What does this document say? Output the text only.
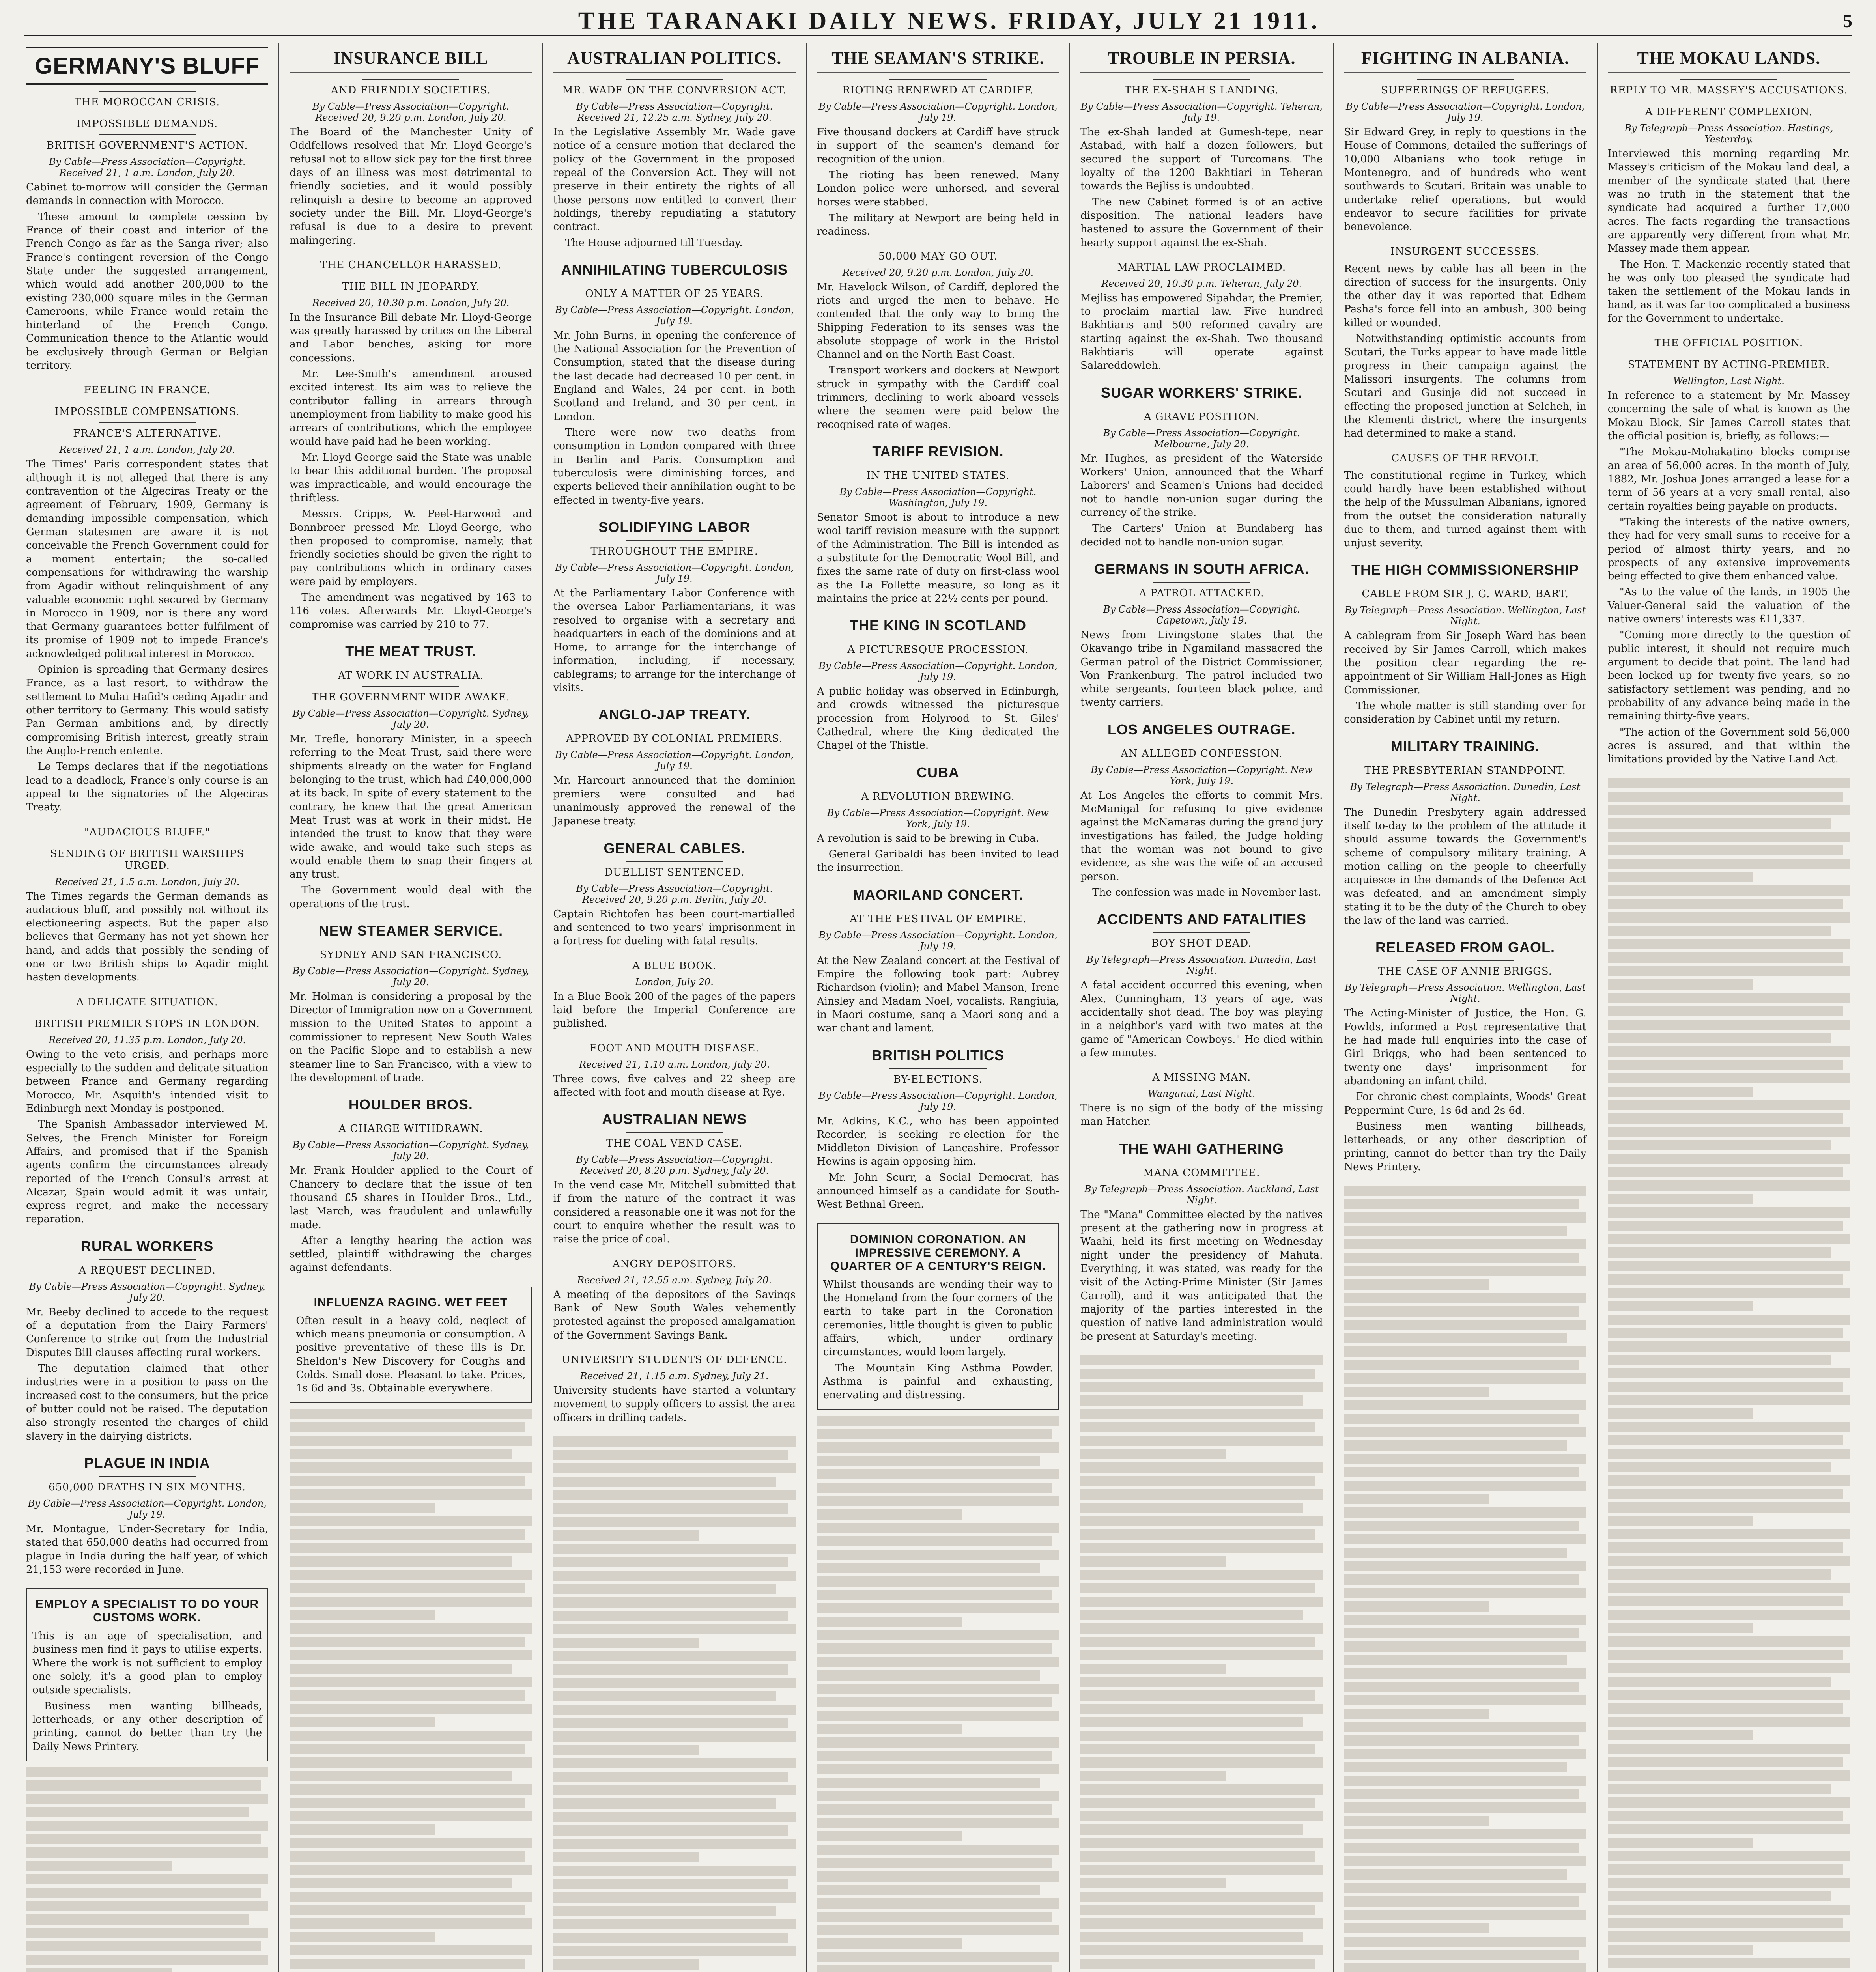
THE TARANAKI DAILY NEWS. FRIDAY, JULY 21 1911.	5
GERMANY'S BLUFF
THE MOROCCAN CRISIS.
IMPOSSIBLE DEMANDS.
BRITISH GOVERNMENT'S ACTION.
By Cable—Press Association—Copyright. Received 21, 1 a.m. London, July 20.

Cabinet to-morrow will consider the German demands in connection with Morocco.

These amount to complete cession by France of their coast and interior of the French Congo as far as the Sanga river; also France's contingent reversion of the Congo State under the suggested arrangement, which would add another 200,000 to the existing 230,000 square miles in the German Cameroons, while France would retain the hinterland of the French Congo. Communication thence to the Atlantic would be exclusively through German or Belgian territory.

FEELING IN FRANCE.
IMPOSSIBLE COMPENSATIONS.
FRANCE'S ALTERNATIVE.
Received 21, 1 a.m. London, July 20.

The Times' Paris correspondent states that although it is not alleged that there is any contravention of the Algeciras Treaty or the agreement of February, 1909, Germany is demanding impossible compensation, which German statesmen are aware it is not conceivable the French Government could for a moment entertain; the so-called compensations for withdrawing the warship from Agadir without relinquishment of any valuable economic right secured by Germany in Morocco in 1909, nor is there any word that Germany guarantees better fulfilment of its promise of 1909 not to impede France's acknowledged political interest in Morocco.

Opinion is spreading that Germany desires France, as a last resort, to withdraw the settlement to Mulai Hafid's ceding Agadir and other territory to Germany. This would satisfy Pan German ambitions and, by directly compromising British interest, greatly strain the Anglo-French entente.

Le Temps declares that if the negotiations lead to a deadlock, France's only course is an appeal to the signatories of the Algeciras Treaty.

"AUDACIOUS BLUFF."
SENDING OF BRITISH WARSHIPS URGED.
Received 21, 1.5 a.m. London, July 20.

The Times regards the German demands as audacious bluff, and possibly not without its electioneering aspects. But the paper also believes that Germany has not yet shown her hand, and adds that possibly the sending of one or two British ships to Agadir might hasten developments.

A DELICATE SITUATION.
BRITISH PREMIER STOPS IN LONDON.
Received 20, 11.35 p.m. London, July 20.

Owing to the veto crisis, and perhaps more especially to the sudden and delicate situation between France and Germany regarding Morocco, Mr. Asquith's intended visit to Edinburgh next Monday is postponed.

The Spanish Ambassador interviewed M. Selves, the French Minister for Foreign Affairs, and promised that if the Spanish agents confirm the circumstances already reported of the French Consul's arrest at Alcazar, Spain would admit it was unfair, express regret, and make the necessary reparation.

RURAL WORKERS
A REQUEST DECLINED.
By Cable—Press Association—Copyright. Sydney, July 20.

Mr. Beeby declined to accede to the request of a deputation from the Dairy Farmers' Conference to strike out from the Industrial Disputes Bill clauses affecting rural workers.

The deputation claimed that other industries were in a position to pass on the increased cost to the consumers, but the price of butter could not be raised. The deputation also strongly resented the charges of child slavery in the dairying districts.

PLAGUE IN INDIA
650,000 DEATHS IN SIX MONTHS.
By Cable—Press Association—Copyright. London, July 19.

Mr. Montague, Under-Secretary for India, stated that 650,000 deaths had occurred from plague in India during the half year, of which 21,153 were recorded in June.

EMPLOY A SPECIALIST TO DO YOUR CUSTOMS WORK.

This is an age of specialisation, and business men find it pays to utilise experts. Where the work is not sufficient to employ one solely, it's a good plan to employ outside specialists.

Business men wanting billheads, letterheads, or any other description of printing, cannot do better than try the Daily News Printery.

INSURANCE BILL
AND FRIENDLY SOCIETIES.
By Cable—Press Association—Copyright. Received 20, 9.20 p.m. London, July 20.

The Board of the Manchester Unity of Oddfellows resolved that Mr. Lloyd-George's refusal not to allow sick pay for the first three days of an illness was most detrimental to friendly societies, and it would possibly relinquish a desire to become an approved society under the Bill. Mr. Lloyd-George's refusal is due to a desire to prevent malingering.

THE CHANCELLOR HARASSED.
THE BILL IN JEOPARDY.
Received 20, 10.30 p.m. London, July 20.

In the Insurance Bill debate Mr. Lloyd-George was greatly harassed by critics on the Liberal and Labor benches, asking for more concessions.

Mr. Lee-Smith's amendment aroused excited interest. Its aim was to relieve the contributor falling in arrears through unemployment from liability to make good his arrears of contributions, which the employee would have paid had he been working.

Mr. Lloyd-George said the State was unable to bear this additional burden. The proposal was impracticable, and would encourage the thriftless.

Messrs. Cripps, W. Peel-Harwood and Bonnbroer pressed Mr. Lloyd-George, who then proposed to compromise, namely, that friendly societies should be given the right to pay contributions which in ordinary cases were paid by employers.

The amendment was negatived by 163 to 116 votes. Afterwards Mr. Lloyd-George's compromise was carried by 210 to 77.

THE MEAT TRUST.
AT WORK IN AUSTRALIA.
THE GOVERNMENT WIDE AWAKE.
By Cable—Press Association—Copyright. Sydney, July 20.

Mr. Trefle, honorary Minister, in a speech referring to the Meat Trust, said there were shipments already on the water for England belonging to the trust, which had £40,000,000 at its back. In spite of every statement to the contrary, he knew that the great American Meat Trust was at work in their midst. He intended the trust to know that they were wide awake, and would take such steps as would enable them to snap their fingers at any trust.

The Government would deal with the operations of the trust.

NEW STEAMER SERVICE.
SYDNEY AND SAN FRANCISCO.
By Cable—Press Association—Copyright. Sydney, July 20.

Mr. Holman is considering a proposal by the Director of Immigration now on a Government mission to the United States to appoint a commissioner to represent New South Wales on the Pacific Slope and to establish a new steamer line to San Francisco, with a view to the development of trade.

HOULDER BROS.
A CHARGE WITHDRAWN.
By Cable—Press Association—Copyright. Sydney, July 20.

Mr. Frank Houlder applied to the Court of Chancery to declare that the issue of ten thousand £5 shares in Houlder Bros., Ltd., last March, was fraudulent and unlawfully made.

After a lengthy hearing the action was settled, plaintiff withdrawing the charges against defendants.

INFLUENZA RAGING. WET FEET

Often result in a heavy cold, neglect of which means pneumonia or consumption. A positive preventative of these ills is Dr. Sheldon's New Discovery for Coughs and Colds. Small dose. Pleasant to take. Prices, 1s 6d and 3s. Obtainable everywhere.

AUSTRALIAN POLITICS.
MR. WADE ON THE CONVERSION ACT.
By Cable—Press Association—Copyright. Received 21, 12.25 a.m. Sydney, July 20.

In the Legislative Assembly Mr. Wade gave notice of a censure motion that declared the policy of the Government in the proposed repeal of the Conversion Act. They will not preserve in their entirety the rights of all those persons now entitled to convert their holdings, thereby repudiating a statutory contract.

The House adjourned till Tuesday.

ANNIHILATING TUBERCULOSIS
ONLY A MATTER OF 25 YEARS.
By Cable—Press Association—Copyright. London, July 19.

Mr. John Burns, in opening the conference of the National Association for the Prevention of Consumption, stated that the disease during the last decade had decreased 10 per cent. in England and Wales, 24 per cent. in both Scotland and Ireland, and 30 per cent. in London.

There were now two deaths from consumption in London compared with three in Berlin and Paris. Consumption and tuberculosis were diminishing forces, and experts believed their annihilation ought to be effected in twenty-five years.

SOLIDIFYING LABOR
THROUGHOUT THE EMPIRE.
By Cable—Press Association—Copyright. London, July 19.

At the Parliamentary Labor Conference with the oversea Labor Parliamentarians, it was resolved to organise with a secretary and headquarters in each of the dominions and at Home, to arrange for the interchange of information, including, if necessary, cablegrams; to arrange for the interchange of visits.

ANGLO-JAP TREATY.
APPROVED BY COLONIAL PREMIERS.
By Cable—Press Association—Copyright. London, July 19.

Mr. Harcourt announced that the dominion premiers were consulted and had unanimously approved the renewal of the Japanese treaty.

GENERAL CABLES.
DUELLIST SENTENCED.
By Cable—Press Association—Copyright. Received 20, 9.20 p.m. Berlin, July 20.

Captain Richtofen has been court-martialled and sentenced to two years' imprisonment in a fortress for dueling with fatal results.

A BLUE BOOK.
London, July 20.

In a Blue Book 200 of the pages of the papers laid before the Imperial Conference are published.

FOOT AND MOUTH DISEASE.
Received 21, 1.10 a.m. London, July 20.

Three cows, five calves and 22 sheep are affected with foot and mouth disease at Rye.

AUSTRALIAN NEWS
THE COAL VEND CASE.
By Cable—Press Association—Copyright. Received 20, 8.20 p.m. Sydney, July 20.

In the vend case Mr. Mitchell submitted that if from the nature of the contract it was considered a reasonable one it was not for the court to enquire whether the result was to raise the price of coal.

ANGRY DEPOSITORS.
Received 21, 12.55 a.m. Sydney, July 20.

A meeting of the depositors of the Savings Bank of New South Wales vehemently protested against the proposed amalgamation of the Government Savings Bank.

UNIVERSITY STUDENTS OF DEFENCE.
Received 21, 1.15 a.m. Sydney, July 21.

University students have started a voluntary movement to supply officers to assist the area officers in drilling cadets.

THE SEAMAN'S STRIKE.
RIOTING RENEWED AT CARDIFF.
By Cable—Press Association—Copyright. London, July 19.

Five thousand dockers at Cardiff have struck in support of the seamen's demand for recognition of the union.

The rioting has been renewed. Many London police were unhorsed, and several horses were stabbed.

The military at Newport are being held in readiness.

50,000 MAY GO OUT.
Received 20, 9.20 p.m. London, July 20.

Mr. Havelock Wilson, of Cardiff, deplored the riots and urged the men to behave. He contended that the only way to bring the Shipping Federation to its senses was the absolute stoppage of work in the Bristol Channel and on the North-East Coast.

Transport workers and dockers at Newport struck in sympathy with the Cardiff coal trimmers, declining to work aboard vessels where the seamen were paid below the recognised rate of wages.

TARIFF REVISION.
IN THE UNITED STATES.
By Cable—Press Association—Copyright. Washington, July 19.

Senator Smoot is about to introduce a new wool tariff revision measure with the support of the Administration. The Bill is intended as a substitute for the Democratic Wool Bill, and fixes the same rate of duty on first-class wool as the La Follette measure, so long as it maintains the price at 22½ cents per pound.

THE KING IN SCOTLAND
A PICTURESQUE PROCESSION.
By Cable—Press Association—Copyright. London, July 19.

A public holiday was observed in Edinburgh, and crowds witnessed the picturesque procession from Holyrood to St. Giles' Cathedral, where the King dedicated the Chapel of the Thistle.

CUBA
A REVOLUTION BREWING.
By Cable—Press Association—Copyright. New York, July 19.

A revolution is said to be brewing in Cuba.

General Garibaldi has been invited to lead the insurrection.

MAORILAND CONCERT.
AT THE FESTIVAL OF EMPIRE.
By Cable—Press Association—Copyright. London, July 19.

At the New Zealand concert at the Festival of Empire the following took part: Aubrey Richardson (violin); and Mabel Manson, Irene Ainsley and Madam Noel, vocalists. Rangiuia, in Maori costume, sang a Maori song and a war chant and lament.

BRITISH POLITICS
BY-ELECTIONS.
By Cable—Press Association—Copyright. London, July 19.

Mr. Adkins, K.C., who has been appointed Recorder, is seeking re-election for the Middleton Division of Lancashire. Professor Hewins is again opposing him.

Mr. John Scurr, a Social Democrat, has announced himself as a candidate for South-West Bethnal Green.

DOMINION CORONATION. AN IMPRESSIVE CEREMONY. A QUARTER OF A CENTURY'S REIGN.

Whilst thousands are wending their way to the Homeland from the four corners of the earth to take part in the Coronation ceremonies, little thought is given to public affairs, which, under ordinary circumstances, would loom largely.

The Mountain King Asthma Powder. Asthma is painful and exhausting, enervating and distressing.

TROUBLE IN PERSIA.
THE EX-SHAH'S LANDING.
By Cable—Press Association—Copyright. Teheran, July 19.

The ex-Shah landed at Gumesh-tepe, near Astabad, with half a dozen followers, but secured the support of Turcomans. The loyalty of the 1200 Bakhtiari in Teheran towards the Bejliss is undoubted.

The new Cabinet formed is of an active disposition. The national leaders have hastened to assure the Government of their hearty support against the ex-Shah.

MARTIAL LAW PROCLAIMED.
Received 20, 10.30 p.m. Teheran, July 20.

Mejliss has empowered Sipahdar, the Premier, to proclaim martial law. Five hundred Bakhtiaris and 500 reformed cavalry are starting against the ex-Shah. Two thousand Bakhtiaris will operate against Salareddowleh.

SUGAR WORKERS' STRIKE.
A GRAVE POSITION.
By Cable—Press Association—Copyright. Melbourne, July 20.

Mr. Hughes, as president of the Waterside Workers' Union, announced that the Wharf Laborers' and Seamen's Unions had decided not to handle non-union sugar during the currency of the strike.

The Carters' Union at Bundaberg has decided not to handle non-union sugar.

GERMANS IN SOUTH AFRICA.
A PATROL ATTACKED.
By Cable—Press Association—Copyright. Capetown, July 19.

News from Livingstone states that the Okavango tribe in Ngamiland massacred the German patrol of the District Commissioner, Von Frankenburg. The patrol included two white sergeants, fourteen black police, and twenty carriers.

LOS ANGELES OUTRAGE.
AN ALLEGED CONFESSION.
By Cable—Press Association—Copyright. New York, July 19.

At Los Angeles the efforts to commit Mrs. McManigal for refusing to give evidence against the McNamaras during the grand jury investigations has failed, the Judge holding that the woman was not bound to give evidence, as she was the wife of an accused person.

The confession was made in November last.

ACCIDENTS AND FATALITIES
BOY SHOT DEAD.
By Telegraph—Press Association. Dunedin, Last Night.

A fatal accident occurred this evening, when Alex. Cunningham, 13 years of age, was accidentally shot dead. The boy was playing in a neighbor's yard with two mates at the game of "American Cowboys." He died within a few minutes.

A MISSING MAN.
Wanganui, Last Night.

There is no sign of the body of the missing man Hatcher.

THE WAHI GATHERING
MANA COMMITTEE.
By Telegraph—Press Association. Auckland, Last Night.

The "Mana" Committee elected by the natives present at the gathering now in progress at Waahi, held its first meeting on Wednesday night under the presidency of Mahuta. Everything, it was stated, was ready for the visit of the Acting-Prime Minister (Sir James Carroll), and it was anticipated that the majority of the parties interested in the question of native land administration would be present at Saturday's meeting.

FIGHTING IN ALBANIA.
SUFFERINGS OF REFUGEES.
By Cable—Press Association—Copyright. London, July 19.

Sir Edward Grey, in reply to questions in the House of Commons, detailed the sufferings of 10,000 Albanians who took refuge in Montenegro, and of hundreds who went southwards to Scutari. Britain was unable to undertake relief operations, but would endeavor to secure facilities for private benevolence.

INSURGENT SUCCESSES.

Recent news by cable has all been in the direction of success for the insurgents. Only the other day it was reported that Edhem Pasha's force fell into an ambush, 300 being killed or wounded.

Notwithstanding optimistic accounts from Scutari, the Turks appear to have made little progress in their campaign against the Malissori insurgents. The columns from Scutari and Gusinje did not succeed in effecting the proposed junction at Selcheh, in the Klementi district, where the insurgents had determined to make a stand.

CAUSES OF THE REVOLT.

The constitutional regime in Turkey, which could hardly have been established without the help of the Mussulman Albanians, ignored from the outset the consideration naturally due to them, and turned against them with unjust severity.

THE HIGH COMMISSIONERSHIP
CABLE FROM SIR J. G. WARD, BART.
By Telegraph—Press Association. Wellington, Last Night.

A cablegram from Sir Joseph Ward has been received by Sir James Carroll, which makes the position clear regarding the re-appointment of Sir William Hall-Jones as High Commissioner.

The whole matter is still standing over for consideration by Cabinet until my return.

MILITARY TRAINING.
THE PRESBYTERIAN STANDPOINT.
By Telegraph—Press Association. Dunedin, Last Night.

The Dunedin Presbytery again addressed itself to-day to the problem of the attitude it should assume towards the Government's scheme of compulsory military training. A motion calling on the people to cheerfully acquiesce in the demands of the Defence Act was defeated, and an amendment simply stating it to be the duty of the Church to obey the law of the land was carried.

RELEASED FROM GAOL.
THE CASE OF ANNIE BRIGGS.
By Telegraph—Press Association. Wellington, Last Night.

The Acting-Minister of Justice, the Hon. G. Fowlds, informed a Post representative that he had made full enquiries into the case of Girl Briggs, who had been sentenced to twenty-one days' imprisonment for abandoning an infant child.

For chronic chest complaints, Woods' Great Peppermint Cure, 1s 6d and 2s 6d.

Business men wanting billheads, letterheads, or any other description of printing, cannot do better than try the Daily News Printery.

THE MOKAU LANDS.
REPLY TO MR. MASSEY'S ACCUSATIONS.
A DIFFERENT COMPLEXION.
By Telegraph—Press Association. Hastings, Yesterday.

Interviewed this morning regarding Mr. Massey's criticism of the Mokau land deal, a member of the syndicate stated that there was no truth in the statement that the syndicate had acquired a further 17,000 acres. The facts regarding the transactions are apparently very different from what Mr. Massey made them appear.

The Hon. T. Mackenzie recently stated that he was only too pleased the syndicate had taken the settlement of the Mokau lands in hand, as it was far too complicated a business for the Government to undertake.

THE OFFICIAL POSITION.
STATEMENT BY ACTING-PREMIER.
Wellington, Last Night.

In reference to a statement by Mr. Massey concerning the sale of what is known as the Mokau Block, Sir James Carroll states that the official position is, briefly, as follows:—

"The Mokau-Mohakatino blocks comprise an area of 56,000 acres. In the month of July, 1882, Mr. Joshua Jones arranged a lease for a term of 56 years at a very small rental, also certain royalties being payable on products.

"Taking the interests of the native owners, they had for very small sums to receive for a period of almost thirty years, and no prospects of any extensive improvements being effected to give them enhanced value.

"As to the value of the lands, in 1905 the Valuer-General said the valuation of the native owners' interests was £11,337.

"Coming more directly to the question of public interest, it should not require much argument to decide that point. The land had been locked up for twenty-five years, so no satisfactory settlement was pending, and no probability of any advance being made in the remaining thirty-five years.

"The action of the Government sold 56,000 acres is assured, and that within the limitations provided by the Native Land Act.
